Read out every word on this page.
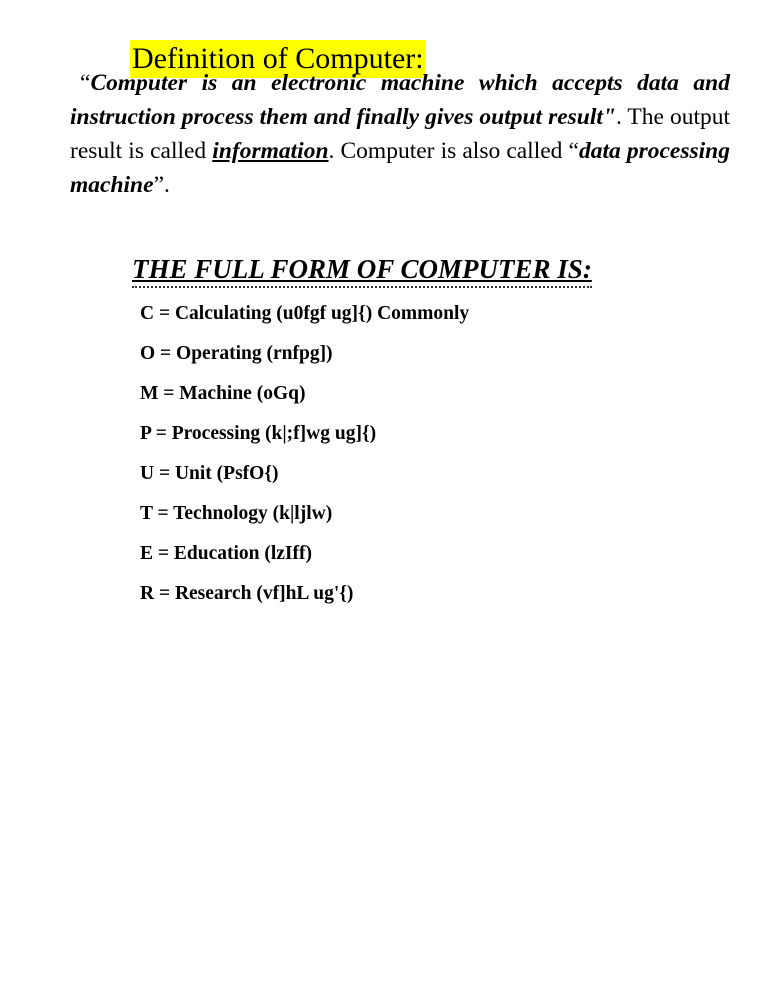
Definition of Computer:
“Computer is an electronic machine which accepts data and instruction process them and finally gives output result". The output result is called information. Computer is also called “data processing machine”.
THE FULL FORM OF COMPUTER IS:
C = Calculating (u0fgf ug]{) Commonly
O = Operating (rnfpg])
M = Machine (oGq)
P = Processing (k|;f]wg ug]{)
U = Unit (PsfO{)
T = Technology (k|ljlw)
E = Education (lzIff)
R = Research (vf]hL ug'{)
